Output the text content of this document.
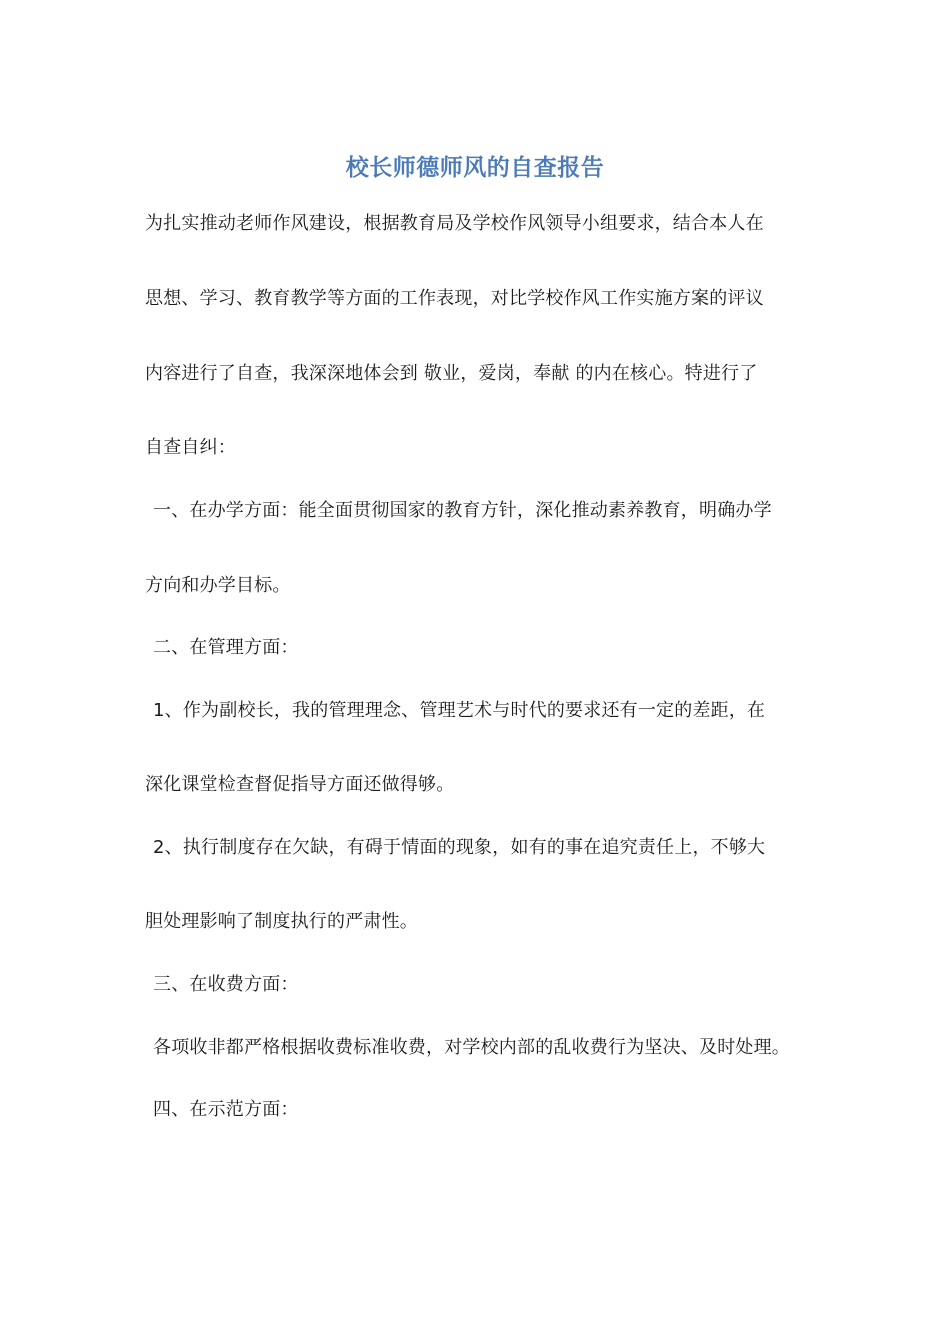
校长师德师风的自查报告
为扎实推动老师作风建设，根据教育局及学校作风领导小组要求，结合本人在
思想、学习、教育教学等方面的工作表现，对比学校作风工作实施方案的评议
内容进行了自查，我深深地体会到 敬业，爱岗，奉献 的内在核心。特进行了
自查自纠：
一、在办学方面：能全面贯彻国家的教育方针，深化推动素养教育，明确办学
方向和办学目标。
二、在管理方面：
1、作为副校长，我的管理理念、管理艺术与时代的要求还有一定的差距，在
深化课堂检查督促指导方面还做得够。
2、执行制度存在欠缺，有碍于情面的现象，如有的事在追究责任上，不够大
胆处理影响了制度执行的严肃性。
三、在收费方面：
各项收非都严格根据收费标准收费，对学校内部的乱收费行为坚决、及时处理。
四、在示范方面：
